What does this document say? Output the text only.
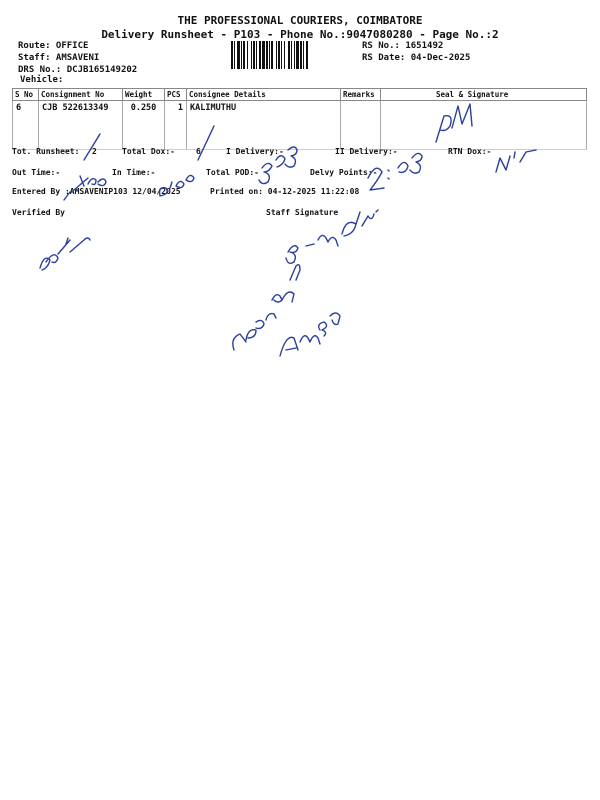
THE PROFESSIONAL COURIERS, COIMBATORE
Delivery Runsheet - P103 - Phone No.:9047080280 - Page No.:2
Route: OFFICE
Staff: AMSAVENI
DRS No.: DCJB165149202
Vehicle:
RS No.: 1651492
RS Date: 04-Dec-2025
S No	Consignment No	Weight	PCS	Consignee Details	Remarks	Seal & Signature
6	CJB 522613349	0.250	1	KALIMUTHU		
Tot. Runsheet: 2	Total Dox:-	6	I Delivery:-	II Delivery:-	RTN Dox:-
Out Time:-	In Time:-	Total POD:-	Delvy Points:-
Entered By :AMSAVENIP103 12/04/2025	Printed on: 04-12-2025 11:22:08
Verified By	Staff Signature
